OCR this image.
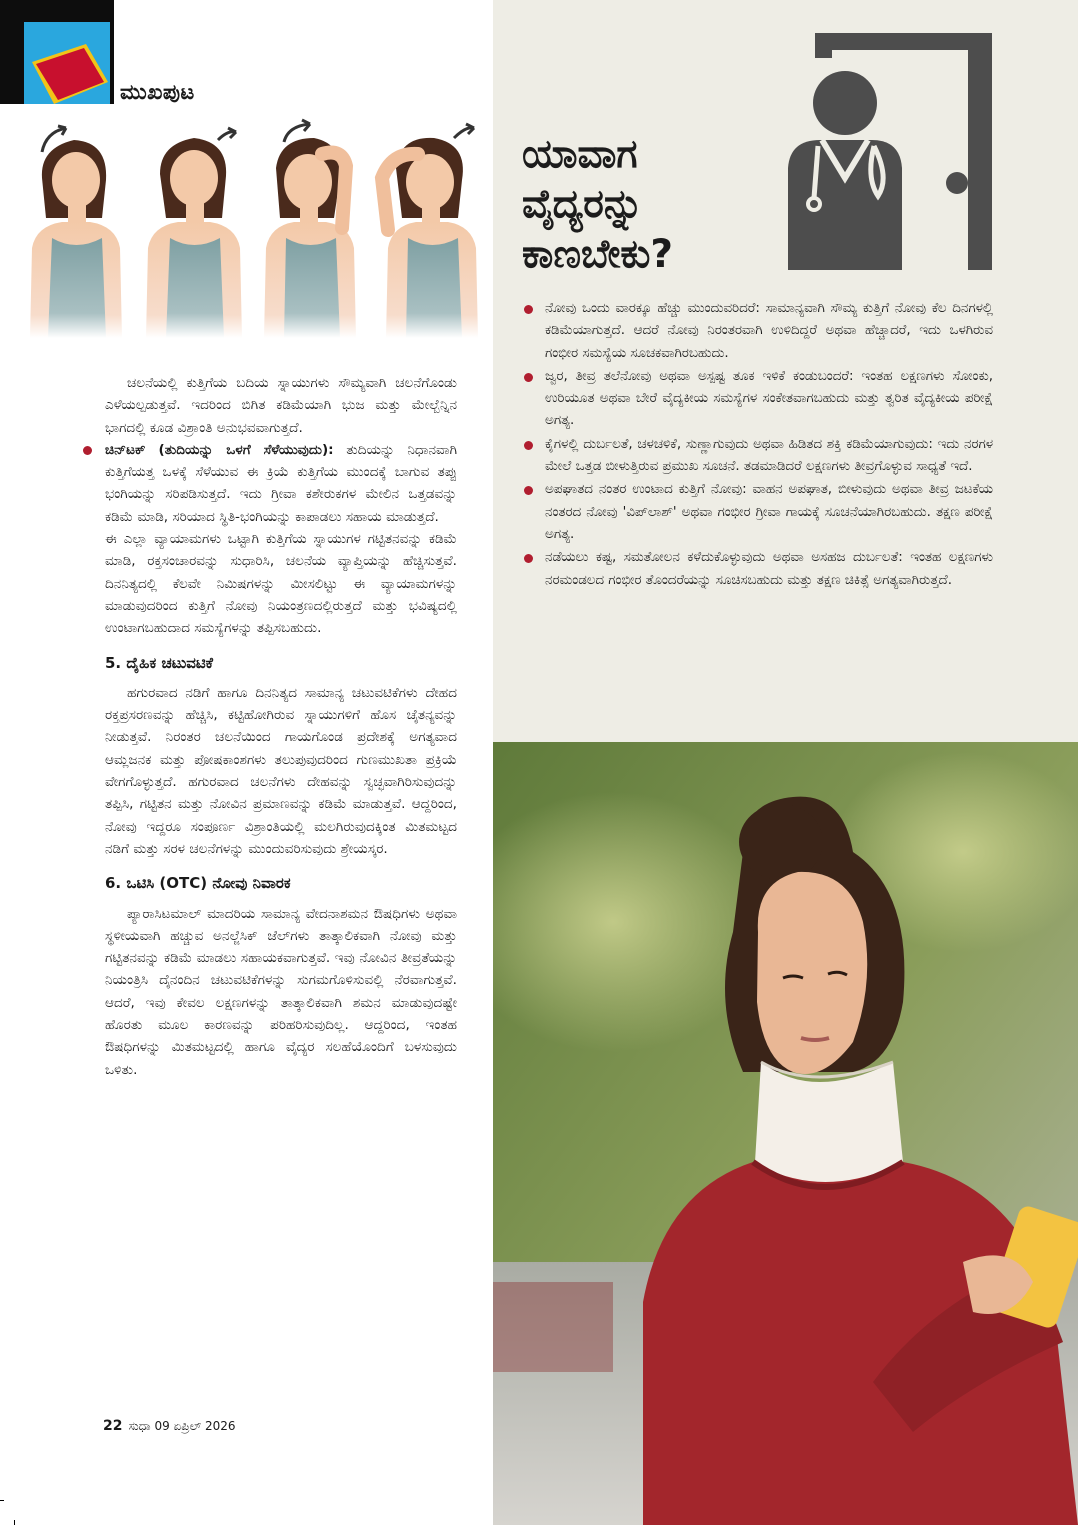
ಮುಖಪುಟ

ಚಲನೆಯಲ್ಲಿ ಕುತ್ತಿಗೆಯ ಬದಿಯ ಸ್ನಾಯುಗಳು ಸೌಮ್ಯವಾಗಿ ಚಲನೆಗೊಂಡು ಎಳೆಯಲ್ಪಡುತ್ತವೆ. ಇದರಿಂದ ಬಿಗಿತ ಕಡಿಮೆಯಾಗಿ ಭುಜ ಮತ್ತು ಮೇಲ್ಬೆನ್ನಿನ ಭಾಗದಲ್ಲಿ ಕೂಡ ವಿಶ್ರಾಂತಿ ಅನುಭವವಾಗುತ್ತದೆ.

ಚಿನ್‌ಟಕ್ (ತುದಿಯನ್ನು ಒಳಗೆ ಸೆಳೆಯುವುದು): ತುದಿಯನ್ನು ನಿಧಾನವಾಗಿ ಕುತ್ತಿಗೆಯತ್ತ ಒಳಕ್ಕೆ ಸೆಳೆಯುವ ಈ ಕ್ರಿಯೆ ಕುತ್ತಿಗೆಯ ಮುಂದಕ್ಕೆ ಬಾಗುವ ತಪ್ಪು ಭಂಗಿಯನ್ನು ಸರಿಪಡಿಸುತ್ತದೆ. ಇದು ಗ್ರೀವಾ ಕಶೇರುಕಗಳ ಮೇಲಿನ ಒತ್ತಡವನ್ನು ಕಡಿಮೆ ಮಾಡಿ, ಸರಿಯಾದ ಸ್ಥಿತಿ-ಭಂಗಿಯನ್ನು ಕಾಪಾಡಲು ಸಹಾಯ ಮಾಡುತ್ತದೆ.

ಈ ಎಲ್ಲಾ ವ್ಯಾಯಾಮಗಳು ಒಟ್ಟಾಗಿ ಕುತ್ತಿಗೆಯ ಸ್ನಾಯುಗಳ ಗಟ್ಟಿತನವನ್ನು ಕಡಿಮೆ ಮಾಡಿ, ರಕ್ತಸಂಚಾರವನ್ನು ಸುಧಾರಿಸಿ, ಚಲನೆಯ ವ್ಯಾಪ್ತಿಯನ್ನು ಹೆಚ್ಚಿಸುತ್ತವೆ. ದಿನನಿತ್ಯದಲ್ಲಿ ಕೆಲವೇ ನಿಮಿಷಗಳನ್ನು ಮೀಸಲಿಟ್ಟು ಈ ವ್ಯಾಯಾಮಗಳನ್ನು ಮಾಡುವುದರಿಂದ ಕುತ್ತಿಗೆ ನೋವು ನಿಯಂತ್ರಣದಲ್ಲಿರುತ್ತದೆ ಮತ್ತು ಭವಿಷ್ಯದಲ್ಲಿ ಉಂಟಾಗಬಹುದಾದ ಸಮಸ್ಯೆಗಳನ್ನು ತಪ್ಪಿಸಬಹುದು.

5. ದೈಹಿಕ ಚಟುವಟಿಕೆ

ಹಗುರವಾದ ನಡಿಗೆ ಹಾಗೂ ದಿನನಿತ್ಯದ ಸಾಮಾನ್ಯ ಚಟುವಟಿಕೆಗಳು ದೇಹದ ರಕ್ತಪ್ರಸರಣವನ್ನು ಹೆಚ್ಚಿಸಿ, ಕಟ್ಟಿಹೋಗಿರುವ ಸ್ನಾಯುಗಳಿಗೆ ಹೊಸ ಚೈತನ್ಯವನ್ನು ನೀಡುತ್ತವೆ. ನಿರಂತರ ಚಲನೆಯಿಂದ ಗಾಯಗೊಂಡ ಪ್ರದೇಶಕ್ಕೆ ಅಗತ್ಯವಾದ ಆಮ್ಲಜನಕ ಮತ್ತು ಪೋಷಕಾಂಶಗಳು ತಲುಪುವುದರಿಂದ ಗುಣಮುಖತಾ ಪ್ರಕ್ರಿಯೆ ವೇಗಗೊಳ್ಳುತ್ತದೆ. ಹಗುರವಾದ ಚಲನೆಗಳು ದೇಹವನ್ನು ಸ್ವಚ್ಛವಾಗಿರಿಸುವುದನ್ನು ತಪ್ಪಿಸಿ, ಗಟ್ಟಿತನ ಮತ್ತು ನೋವಿನ ಪ್ರಮಾಣವನ್ನು ಕಡಿಮೆ ಮಾಡುತ್ತವೆ. ಆದ್ದರಿಂದ, ನೋವು ಇದ್ದರೂ ಸಂಪೂರ್ಣ ವಿಶ್ರಾಂತಿಯಲ್ಲಿ ಮಲಗಿರುವುದಕ್ಕಿಂತ ಮಿತಮಟ್ಟದ ನಡಿಗೆ ಮತ್ತು ಸರಳ ಚಲನೆಗಳನ್ನು ಮುಂದುವರಿಸುವುದು ಶ್ರೇಯಸ್ಕರ.

6. ಒಟಿಸಿ (OTC) ನೋವು ನಿವಾರಕ

ಪ್ಯಾರಾಸಿಟಮಾಲ್ ಮಾದರಿಯ ಸಾಮಾನ್ಯ ವೇದನಾಶಮನ ಔಷಧಿಗಳು ಅಥವಾ ಸ್ಥಳೀಯವಾಗಿ ಹಚ್ಚುವ ಅನಲ್ಜೆಸಿಕ್ ಜೆಲ್‌ಗಳು ತಾತ್ಕಾಲಿಕವಾಗಿ ನೋವು ಮತ್ತು ಗಟ್ಟಿತನವನ್ನು ಕಡಿಮೆ ಮಾಡಲು ಸಹಾಯಕವಾಗುತ್ತವೆ. ಇವು ನೋವಿನ ತೀವ್ರತೆಯನ್ನು ನಿಯಂತ್ರಿಸಿ ದೈನಂದಿನ ಚಟುವಟಿಕೆಗಳನ್ನು ಸುಗಮಗೊಳಿಸುವಲ್ಲಿ ನೆರವಾಗುತ್ತವೆ. ಆದರೆ, ಇವು ಕೇವಲ ಲಕ್ಷಣಗಳನ್ನು ತಾತ್ಕಾಲಿಕವಾಗಿ ಶಮನ ಮಾಡುವುದಷ್ಟೇ ಹೊರತು ಮೂಲ ಕಾರಣವನ್ನು ಪರಿಹರಿಸುವುದಿಲ್ಲ. ಆದ್ದರಿಂದ, ಇಂತಹ ಔಷಧಿಗಳನ್ನು ಮಿತಮಟ್ಟದಲ್ಲಿ ಹಾಗೂ ವೈದ್ಯರ ಸಲಹೆಯೊಂದಿಗೆ ಬಳಸುವುದು ಒಳಿತು.

22 ಸುಧಾ 09 ಏಪ್ರಿಲ್ 2026
ಯಾವಾಗ
ವೈದ್ಯರನ್ನು
ಕಾಣಬೇಕು?
ನೋವು ಒಂದು ವಾರಕ್ಕೂ ಹೆಚ್ಚು ಮುಂದುವರಿದರೆ: ಸಾಮಾನ್ಯವಾಗಿ ಸೌಮ್ಯ ಕುತ್ತಿಗೆ ನೋವು ಕೆಲ ದಿನಗಳಲ್ಲಿ ಕಡಿಮೆಯಾಗುತ್ತದೆ. ಆದರೆ ನೋವು ನಿರಂತರವಾಗಿ ಉಳಿದಿದ್ದರೆ ಅಥವಾ ಹೆಚ್ಚಾದರೆ, ಇದು ಒಳಗಿರುವ ಗಂಭೀರ ಸಮಸ್ಯೆಯ ಸೂಚಕವಾಗಿರಬಹುದು.
ಜ್ವರ, ತೀವ್ರ ತಲೆನೋವು ಅಥವಾ ಅಸ್ಪಷ್ಟ ತೂಕ ಇಳಿಕೆ ಕಂಡುಬಂದರೆ: ಇಂತಹ ಲಕ್ಷಣಗಳು ಸೋಂಕು, ಉರಿಯೂತ ಅಥವಾ ಬೇರೆ ವೈದ್ಯಕೀಯ ಸಮಸ್ಯೆಗಳ ಸಂಕೇತವಾಗಬಹುದು ಮತ್ತು ತ್ವರಿತ ವೈದ್ಯಕೀಯ ಪರೀಕ್ಷೆ ಅಗತ್ಯ.
ಕೈಗಳಲ್ಲಿ ದುರ್ಬಲತೆ, ಚಳಚಳಿಕೆ, ಸುಣ್ಣಾಗುವುದು ಅಥವಾ ಹಿಡಿತದ ಶಕ್ತಿ ಕಡಿಮೆಯಾಗುವುದು: ಇದು ನರಗಳ ಮೇಲೆ ಒತ್ತಡ ಬೀಳುತ್ತಿರುವ ಪ್ರಮುಖ ಸೂಚನೆ. ತಡಮಾಡಿದರೆ ಲಕ್ಷಣಗಳು ತೀವ್ರಗೊಳ್ಳುವ ಸಾಧ್ಯತೆ ಇದೆ.
ಅಪಘಾತದ ನಂತರ ಉಂಟಾದ ಕುತ್ತಿಗೆ ನೋವು: ವಾಹನ ಅಪಘಾತ, ಬೀಳುವುದು ಅಥವಾ ತೀವ್ರ ಜಟಕೆಯ ನಂತರದ ನೋವು 'ವಿಪ್‌ಲಾಶ್' ಅಥವಾ ಗಂಭೀರ ಗ್ರೀವಾ ಗಾಯಕ್ಕೆ ಸೂಚನೆಯಾಗಿರಬಹುದು. ತಕ್ಷಣ ಪರೀಕ್ಷೆ ಅಗತ್ಯ.
ನಡೆಯಲು ಕಷ್ಟ, ಸಮತೋಲನ ಕಳೆದುಕೊಳ್ಳುವುದು ಅಥವಾ ಅಸಹಜ ದುರ್ಬಲತೆ: ಇಂತಹ ಲಕ್ಷಣಗಳು ನರಮಂಡಲದ ಗಂಭೀರ ತೊಂದರೆಯನ್ನು ಸೂಚಿಸಬಹುದು ಮತ್ತು ತಕ್ಷಣ ಚಿಕಿತ್ಸೆ ಅಗತ್ಯವಾಗಿರುತ್ತದೆ.
